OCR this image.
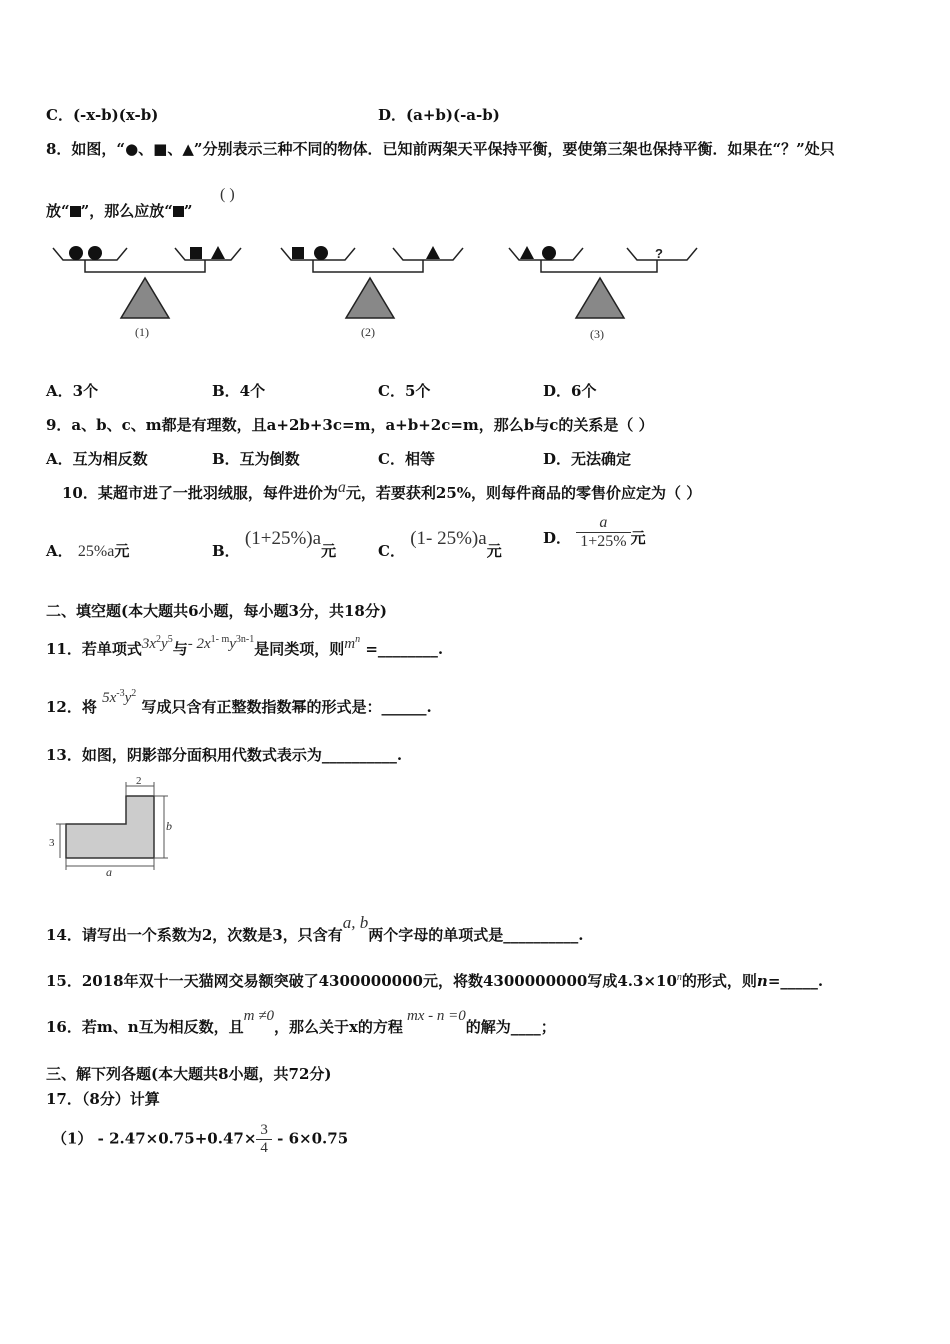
C．(-x-b)(x-b)	D．(a+b)(-a-b)
8．如图，“●、■、▲”分别表示三种不同的物体．已知前两架天平保持平衡，要使第三架也保持平衡．如果在“？”处只
放“ ”，那么应放“ ”
( )
?
(1)	(2)	(3)
A．3个	B．4个	C．5个	D．6个
9．a、b、c、m都是有理数，且a+2b+3c=m，a+b+2c=m，那么b与c的关系是（ ）
A．互为相反数	B．互为倒数	C．相等	D．无法确定
10．某超市进了一批羽绒服，每件进价为a元，若要获利25%，则每件商品的零售价应定为（ ）
A． 25%a元	B． (1+25%)a元	C． (1- 25%)a元
D． $\frac{a}{1+25\%}$ 元
二、填空题(本大题共6小题，每小题3分，共18分)
11．若单项式$3x^2y^5$与- $2x^{1- m}y^{3n-1}$是同类项，则$m^n$ =________.
12．将 $5x^{-3}y^2$ 写成只含有正整数指数幂的形式是：______.
13．如图，阴影部分面积用代数式表示为__________.
2
b
3
a
14．请写出一个系数为2，次数是3，只含有a, b两个字母的单项式是__________.
15．2018年双十一天猫网交易额突破了4300000000元，将数4300000000写成$4.3\times 10^n$的形式，则n=_____.
16．若m、n互为相反数，且m ≠0，那么关于x的方程mx - n =0的解为____；
三、解下列各题(本大题共8小题，共72分)
17．（8分）计算
$(1) - 2.47\times 0.75+0.47\times \frac{3}{4} - 6\times 0.75$
